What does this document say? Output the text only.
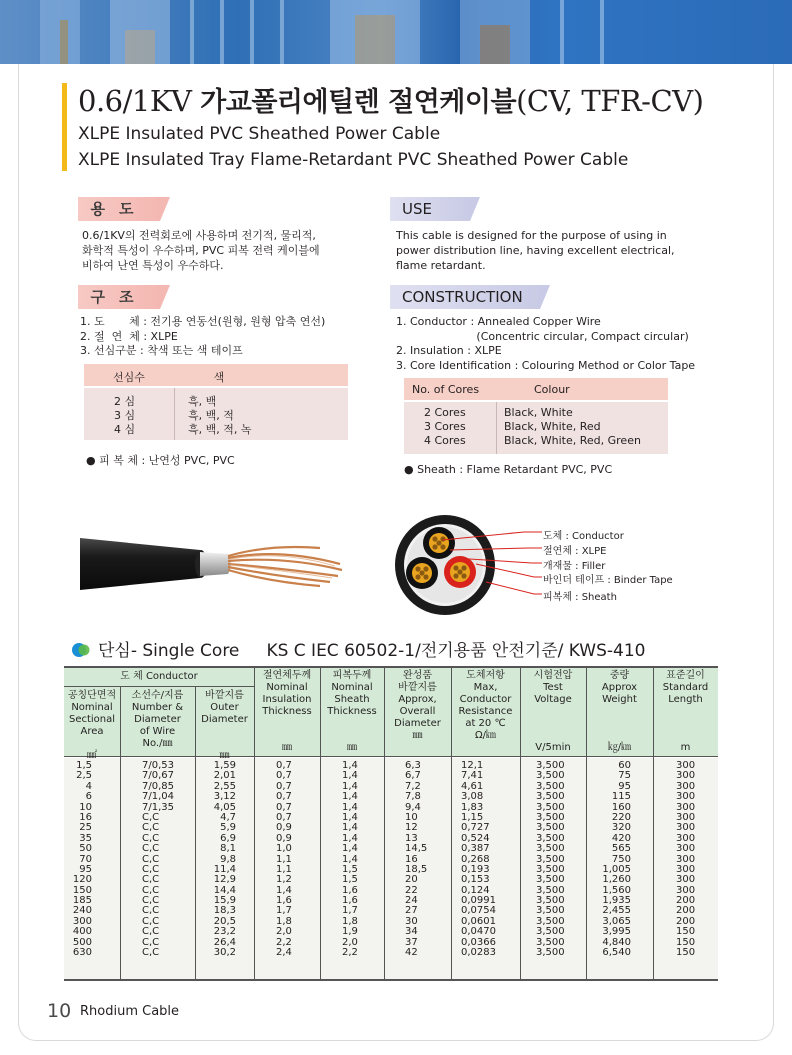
0.6/1KV 가교폴리에틸렌 절연케이블(CV, TFR-CV)
XLPE Insulated PVC Sheathed Power Cable
XLPE Insulated Tray Flame-Retardant PVC Sheathed Power Cable
용도
0.6/1KV의 전력회로에 사용하며 전기적, 물리적,
화학적 특성이 우수하며, PVC 피복 전력 케이블에
비하여 난연 특성이 우수하다.
USE
This cable is designed for the purpose of using in
power distribution line, having excellent electrical,
flame retardant.
구조
1. 도       체 : 전기용 연동선(원형, 원형 압축 연선)
2. 절  연  체 : XLPE
3. 선심구분 : 착색 또는 색 테이프
선심수	색
2 심
3 심
4 심
흑, 백
흑, 백, 적
흑, 백, 적, 녹
● 피 복 체 : 난연성 PVC, PVC
CONSTRUCTION
1. Conductor : Annealed Copper Wire
(Concentric circular, Compact circular)
2. Insulation : XLPE
3. Core Identification : Colouring Method or Color Tape
No. of Cores	Colour
2 Cores
3 Cores
4 Cores
Black, White
Black, White, Red
Black, White, Red, Green
● Sheath : Flame Retardant PVC, PVC
도체 : Conductor
절연체 : XLPE
개재물 : Filler
바인더 테이프 : Binder Tape
피복체 : Sheath
단심- Single Core KS C IEC 60502-1/전기용품 안전기준/ KWS-410
도 체 Conductor
공칭단면적
Nominal
Sectional
Area
㎟
소선수/지름
Number &
Diameter
of Wire
No./㎜
바깥지름
Outer
Diameter
㎜
절연체두께
Nominal
Insulation
Thickness
㎜
피복두께
Nominal
Sheath
Thickness
㎜
완성품
바깥지름
Approx,
Overall
Diameter
㎜
도체저항
Max,
Conductor
Resistance
at 20 ℃
Ω/㎞
시험전압
Test
Voltage
V/5min
중량
Approx
Weight
㎏/㎞
표준길이
Standard
Length
m
1,5
2,5
4
6
10
16
25
35
50
70
95
120
150
185
240
300
400
500
630
7/0,53
7/0,67
7/0,85
7/1,04
7/1,35
C,C
C,C
C,C
C,C
C,C
C,C
C,C
C,C
C,C
C,C
C,C
C,C
C,C
C,C
1,59
2,01
2,55
3,12
4,05
4,7
5,9
6,9
8,1
9,8
11,4
12,9
14,4
15,9
18,3
20,5
23,2
26,4
30,2
0,7
0,7
0,7
0,7
0,7
0,7
0,9
0,9
1,0
1,1
1,1
1,2
1,4
1,6
1,7
1,8
2,0
2,2
2,4
1,4
1,4
1,4
1,4
1,4
1,4
1,4
1,4
1,4
1,4
1,5
1,5
1,6
1,6
1,7
1,8
1,9
2,0
2,2
6,3
6,7
7,2
7,8
9,4
10
12
13
14,5
16
18,5
20
22
24
27
30
34
37
42
12,1
7,41
4,61
3,08
1,83
1,15
0,727
0,524
0,387
0,268
0,193
0,153
0,124
0,0991
0,0754
0,0601
0,0470
0,0366
0,0283
3,500
3,500
3,500
3,500
3,500
3,500
3,500
3,500
3,500
3,500
3,500
3,500
3,500
3,500
3,500
3,500
3,500
3,500
3,500
60
75
95
115
160
220
320
420
565
750
1,005
1,260
1,560
1,935
2,455
3,065
3,995
4,840
6,540
300
300
300
300
300
300
300
300
300
300
300
300
300
200
200
200
150
150
150
10 Rhodium Cable
